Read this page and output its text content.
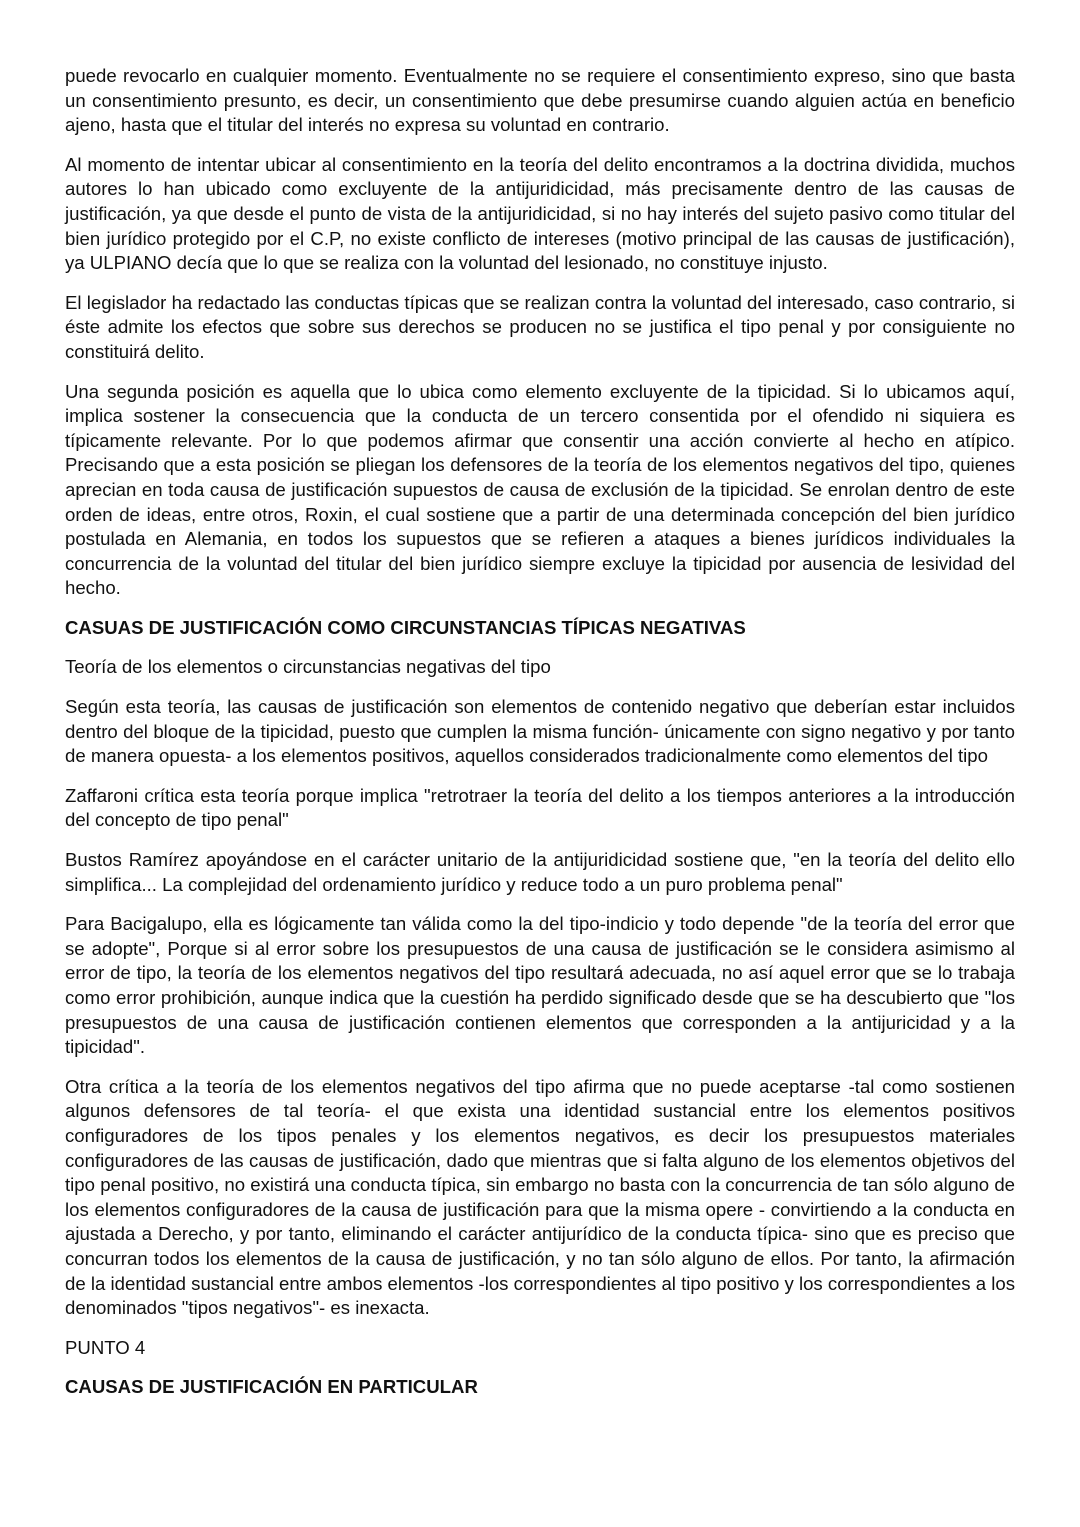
puede revocarlo en cualquier momento. Eventualmente no se requiere el consentimiento expreso, sino que basta un consentimiento presunto, es decir, un consentimiento que debe presumirse cuando alguien actúa en beneficio ajeno, hasta que el titular del interés no expresa su voluntad en contrario.

Al momento de intentar ubicar al consentimiento en la teoría del delito encontramos a la doctrina dividida, muchos autores lo han ubicado como excluyente de la antijuridicidad, más precisamente dentro de las causas de justificación, ya que desde el punto de vista de la antijuridicidad, si no hay interés del sujeto pasivo como titular del bien jurídico protegido por el C.P, no existe conflicto de intereses (motivo principal de las causas de justificación), ya ULPIANO decía que lo que se realiza con la voluntad del lesionado, no constituye injusto.

El legislador ha redactado las conductas típicas que se realizan contra la voluntad del interesado, caso contrario, si éste admite los efectos que sobre sus derechos se producen no se justifica el tipo penal y por consiguiente no constituirá delito.

Una segunda posición es aquella que lo ubica como elemento excluyente de la tipicidad. Si lo ubicamos aquí, implica sostener la consecuencia que la conducta de un tercero consentida por el ofendido ni siquiera es típicamente relevante. Por lo que podemos afirmar que consentir una acción convierte al hecho en atípico. Precisando que a esta posición se pliegan los defensores de la teoría de los elementos negativos del tipo, quienes aprecian en toda causa de justificación supuestos de causa de exclusión de la tipicidad. Se enrolan dentro de este orden de ideas, entre otros, Roxin, el cual sostiene que a partir de una determinada concepción del bien jurídico postulada en Alemania, en todos los supuestos que se refieren a ataques a bienes jurídicos individuales la concurrencia de la voluntad del titular del bien jurídico siempre excluye la tipicidad por ausencia de lesividad del hecho.

CASUAS DE JUSTIFICACIÓN COMO CIRCUNSTANCIAS TÍPICAS NEGATIVAS

Teoría de los elementos o circunstancias negativas del tipo

Según esta teoría, las causas de justificación son elementos de contenido negativo que deberían estar incluidos dentro del bloque de la tipicidad, puesto que cumplen la misma función- únicamente con signo negativo y por tanto de manera opuesta- a los elementos positivos, aquellos considerados tradicionalmente como elementos del tipo

Zaffaroni crítica esta teoría porque implica "retrotraer la teoría del delito a los tiempos anteriores a la introducción del concepto de tipo penal"

Bustos Ramírez apoyándose en el carácter unitario de la antijuridicidad sostiene que, "en la teoría del delito ello simplifica... La complejidad del ordenamiento jurídico y reduce todo a un puro problema penal"

Para Bacigalupo, ella es lógicamente tan válida como la del tipo-indicio y todo depende "de la teoría del error que se adopte", Porque si al error sobre los presupuestos de una causa de justificación se le considera asimismo al error de tipo, la teoría de los elementos negativos del tipo resultará adecuada, no así aquel error que se lo trabaja como error prohibición, aunque indica que la cuestión ha perdido significado desde que se ha descubierto que "los presupuestos de una causa de justificación contienen elementos que corresponden a la antijuricidad y a la tipicidad".

Otra crítica a la teoría de los elementos negativos del tipo afirma que no puede aceptarse -tal como sostienen algunos defensores de tal teoría- el que exista una identidad sustancial entre los elementos positivos configuradores de los tipos penales y los elementos negativos, es decir los presupuestos materiales configuradores de las causas de justificación, dado que mientras que si falta alguno de los elementos objetivos del tipo penal positivo, no existirá una conducta típica, sin embargo no basta con la concurrencia de tan sólo alguno de los elementos configuradores de la causa de justificación para que la misma opere - convirtiendo a la conducta en ajustada a Derecho, y por tanto, eliminando el carácter antijurídico de la conducta típica- sino que es preciso que concurran todos los elementos de la causa de justificación, y no tan sólo alguno de ellos. Por tanto, la afirmación de la identidad sustancial entre ambos elementos -los correspondientes al tipo positivo y los correspondientes a los denominados "tipos negativos"- es inexacta.

PUNTO 4

CAUSAS DE JUSTIFICACIÓN EN PARTICULAR
